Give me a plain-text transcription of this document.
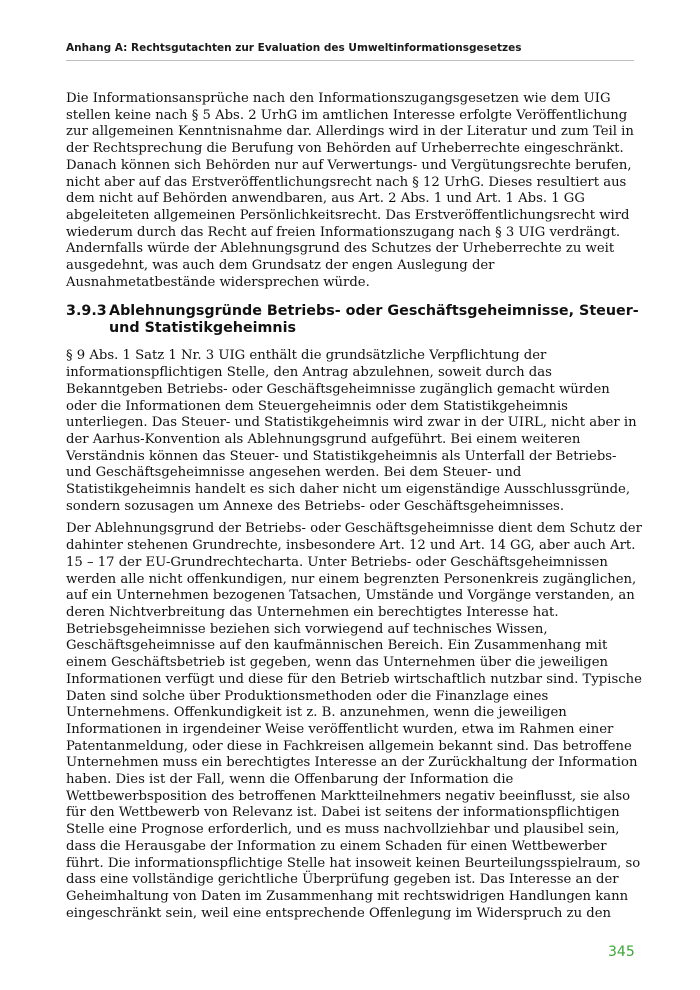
Anhang A: Rechtsgutachten zur Evaluation des Umweltinformationsgesetzes

Die Informationsansprüche nach den Informationszugangsgesetzen wie dem UIG
stellen keine nach § 5 Abs. 2 UrhG im amtlichen Interesse erfolgte Veröffentlichung
zur allgemeinen Kenntnisnahme dar. Allerdings wird in der Literatur und zum Teil in
der Rechtsprechung die Berufung von Behörden auf Urheberrechte eingeschränkt.
Danach können sich Behörden nur auf Verwertungs- und Vergütungsrechte berufen,
nicht aber auf das Erstveröffentlichungsrecht nach § 12 UrhG. Dieses resultiert aus
dem nicht auf Behörden anwendbaren, aus Art. 2 Abs. 1 und Art. 1 Abs. 1 GG
abgeleiteten allgemeinen Persönlichkeitsrecht. Das Erstveröffentlichungsrecht wird
wiederum durch das Recht auf freien Informationszugang nach § 3 UIG verdrängt.
Andernfalls würde der Ablehnungsgrund des Schutzes der Urheberrechte zu weit
ausgedehnt, was auch dem Grundsatz der engen Auslegung der
Ausnahmetatbestände widersprechen würde.

3.9.3 Ablehnungsgründe Betriebs- oder Geschäftsgeheimnisse, Steuer-
und Statistikgeheimnis

§ 9 Abs. 1 Satz 1 Nr. 3 UIG enthält die grundsätzliche Verpflichtung der
informationspflichtigen Stelle, den Antrag abzulehnen, soweit durch das
Bekanntgeben Betriebs- oder Geschäftsgeheimnisse zugänglich gemacht würden
oder die Informationen dem Steuergeheimnis oder dem Statistikgeheimnis
unterliegen. Das Steuer- und Statistikgeheimnis wird zwar in der UIRL, nicht aber in
der Aarhus-Konvention als Ablehnungsgrund aufgeführt. Bei einem weiteren
Verständnis können das Steuer- und Statistikgeheimnis als Unterfall der Betriebs-
und Geschäftsgeheimnisse angesehen werden. Bei dem Steuer- und
Statistikgeheimnis handelt es sich daher nicht um eigenständige Ausschlussgründe,
sondern sozusagen um Annexe des Betriebs- oder Geschäftsgeheimnisses.

Der Ablehnungsgrund der Betriebs- oder Geschäftsgeheimnisse dient dem Schutz der
dahinter stehenen Grundrechte, insbesondere Art. 12 und Art. 14 GG, aber auch Art.
15 – 17 der EU-Grundrechtecharta. Unter Betriebs- oder Geschäftsgeheimnissen
werden alle nicht offenkundigen, nur einem begrenzten Personenkreis zugänglichen,
auf ein Unternehmen bezogenen Tatsachen, Umstände und Vorgänge verstanden, an
deren Nichtverbreitung das Unternehmen ein berechtigtes Interesse hat.
Betriebsgeheimnisse beziehen sich vorwiegend auf technisches Wissen,
Geschäftsgeheimnisse auf den kaufmännischen Bereich. Ein Zusammenhang mit
einem Geschäftsbetrieb ist gegeben, wenn das Unternehmen über die jeweiligen
Informationen verfügt und diese für den Betrieb wirtschaftlich nutzbar sind. Typische
Daten sind solche über Produktionsmethoden oder die Finanzlage eines
Unternehmens. Offenkundigkeit ist z. B. anzunehmen, wenn die jeweiligen
Informationen in irgendeiner Weise veröffentlicht wurden, etwa im Rahmen einer
Patentanmeldung, oder diese in Fachkreisen allgemein bekannt sind. Das betroffene
Unternehmen muss ein berechtigtes Interesse an der Zurückhaltung der Information
haben. Dies ist der Fall, wenn die Offenbarung der Information die
Wettbewerbsposition des betroffenen Marktteilnehmers negativ beeinflusst, sie also
für den Wettbewerb von Relevanz ist. Dabei ist seitens der informationspflichtigen
Stelle eine Prognose erforderlich, und es muss nachvollziehbar und plausibel sein,
dass die Herausgabe der Information zu einem Schaden für einen Wettbewerber
führt. Die informationspflichtige Stelle hat insoweit keinen Beurteilungsspielraum, so
dass eine vollständige gerichtliche Überprüfung gegeben ist. Das Interesse an der
Geheimhaltung von Daten im Zusammenhang mit rechtswidrigen Handlungen kann
eingeschränkt sein, weil eine entsprechende Offenlegung im Widerspruch zu den

345
